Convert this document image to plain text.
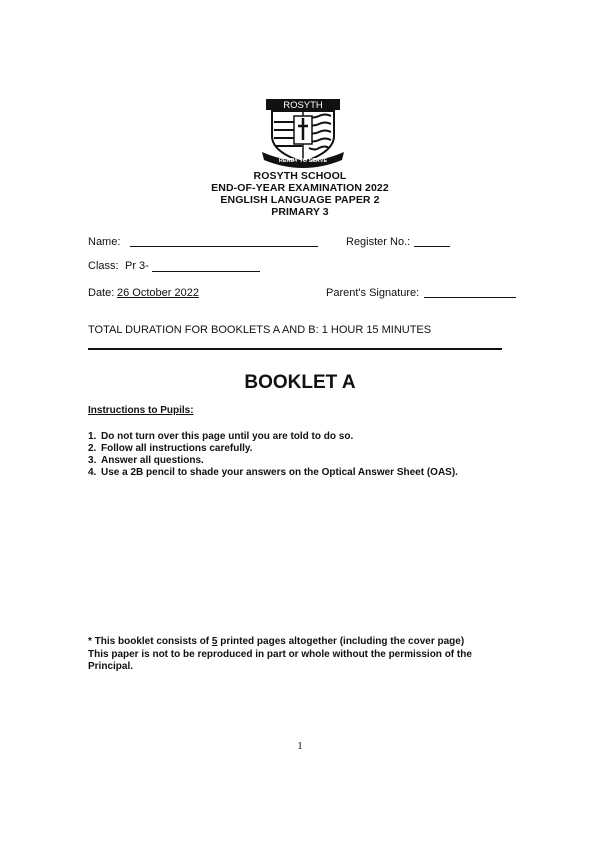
ROSYTH
READY TO SERVE
ROSYTH SCHOOL
END-OF-YEAR EXAMINATION 2022
ENGLISH LANGUAGE PAPER 2
PRIMARY 3
Name:	Register No.:
Class: Pr 3-
Date: 26 October 2022	Parent's Signature:
TOTAL DURATION FOR BOOKLETS A AND B: 1 HOUR 15 MINUTES
BOOKLET A
Instructions to Pupils:
1. Do not turn over this page until you are told to do so.
2. Follow all instructions carefully.
3. Answer all questions.
4. Use a 2B pencil to shade your answers on the Optical Answer Sheet (OAS).
* This booklet consists of 5 printed pages altogether (including the cover page)
This paper is not to be reproduced in part or whole without the permission of the
Principal.
1
